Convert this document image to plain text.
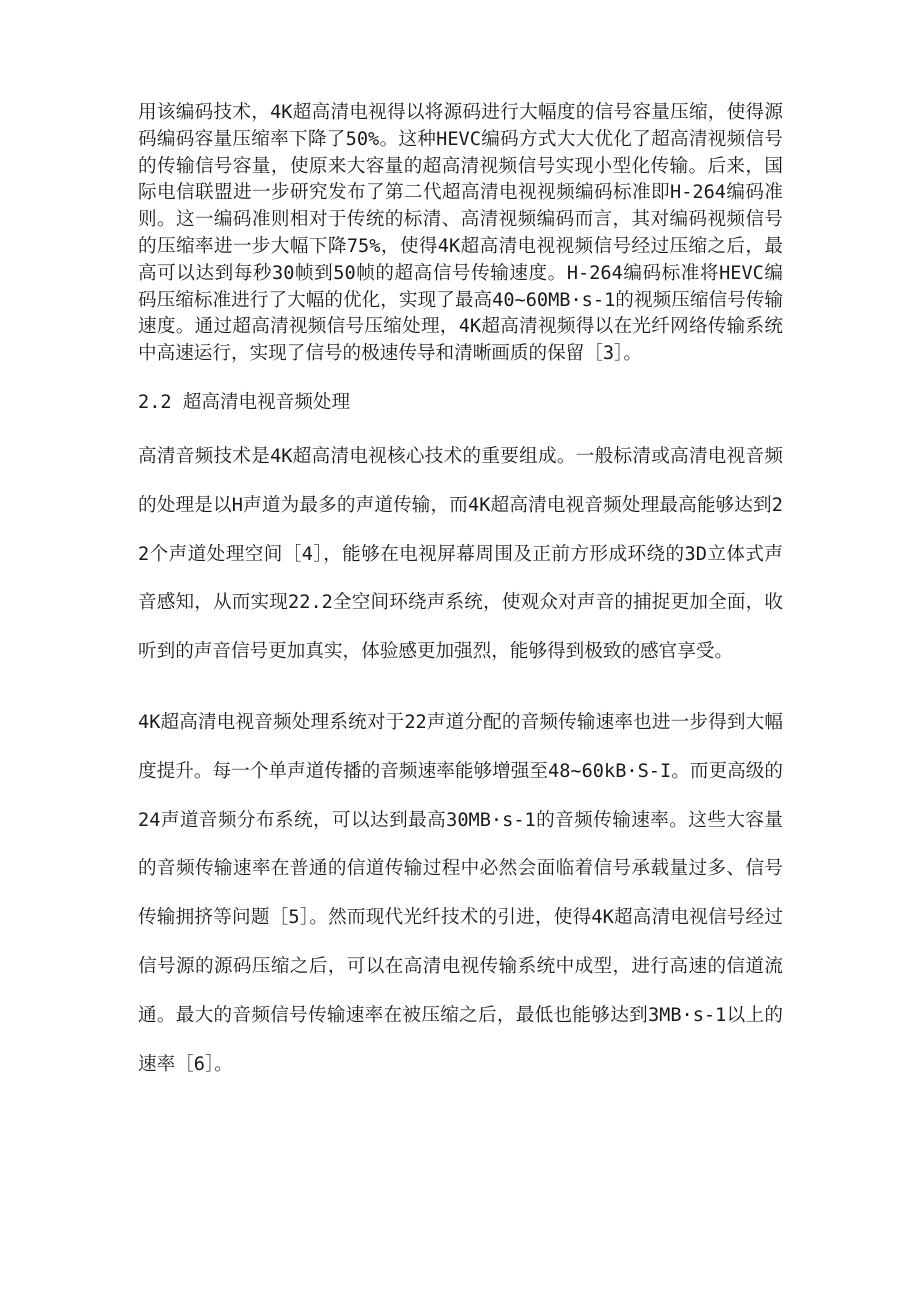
用该编码技术，4K超高清电视得以将源码进行大幅度的信号容量压缩，使得源码编码容量压缩率下降了50%。这种HEVC编码方式大大优化了超高清视频信号的传输信号容量，使原来大容量的超高清视频信号实现小型化传输。后来，国际电信联盟进一步研究发布了第二代超高清电视视频编码标准即H-264编码准则。这一编码准则相对于传统的标清、高清视频编码而言，其对编码视频信号的压缩率进一步大幅下降75%，使得4K超高清电视视频信号经过压缩之后，最高可以达到每秒30帧到50帧的超高信号传输速度。H-264编码标准将HEVC编码压缩标准进行了大幅的优化，实现了最高40~60MB·s-1的视频压缩信号传输速度。通过超高清视频信号压缩处理，4K超高清视频得以在光纤网络传输系统中高速运行，实现了信号的极速传导和清晰画质的保留［3］。

2.2 超高清电视音频处理

高清音频技术是4K超高清电视核心技术的重要组成。一般标清或高清电视音频的处理是以H声道为最多的声道传输，而4K超高清电视音频处理最高能够达到22个声道处理空间［4］，能够在电视屏幕周围及正前方形成环绕的3D立体式声音感知，从而实现22.2全空间环绕声系统，使观众对声音的捕捉更加全面，收听到的声音信号更加真实，体验感更加强烈，能够得到极致的感官享受。

4K超高清电视音频处理系统对于22声道分配的音频传输速率也进一步得到大幅度提升。每一个单声道传播的音频速率能够增强至48~60kB·S-I。而更高级的24声道音频分布系统，可以达到最高30MB·s-1的音频传输速率。这些大容量的音频传输速率在普通的信道传输过程中必然会面临着信号承载量过多、信号传输拥挤等问题［5］。然而现代光纤技术的引进，使得4K超高清电视信号经过信号源的源码压缩之后，可以在高清电视传输系统中成型，进行高速的信道流通。最大的音频信号传输速率在被压缩之后，最低也能够达到3MB·s-1以上的速率［6］。
